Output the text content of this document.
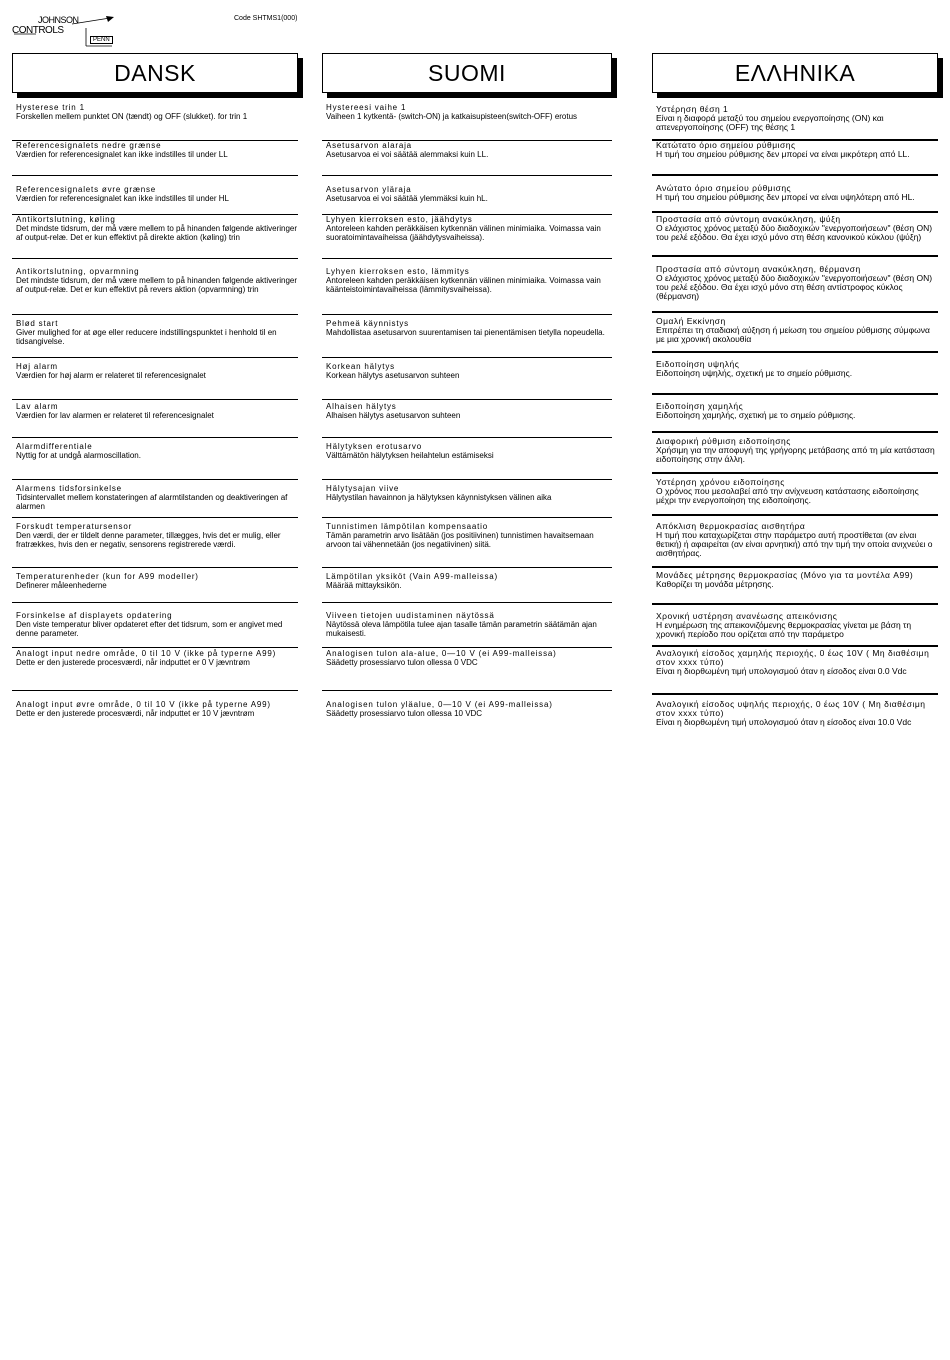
JOHNSON
CONTROLS
PENN
Code SHTMS1(000)
DANSK
Hysterese trin 1
Forskellen mellem punktet ON (tændt) og OFF (slukket). for trin 1
Referencesignalets nedre grænse
Værdien for referencesignalet kan ikke indstilles til under LL
Referencesignalets øvre grænse
Værdien for referencesignalet kan ikke indstilles til under HL
Antikortslutning, køling
Det mindste tidsrum, der må være mellem to på hinanden følgende aktiveringer af output-relæ. Det er kun effektivt på direkte aktion (køling) trin
Antikortslutning, opvarmning
Det mindste tidsrum, der må være mellem to på hinanden følgende aktiveringer af output-relæ. Det er kun effektivt på revers aktion (opvarmning) trin
Blød start
Giver mulighed for at øge eller reducere indstillingspunktet i henhold til en tidsangivelse.
Høj alarm
Værdien for høj alarm er relateret til referencesignalet
Lav alarm
Værdien for lav alarmen er relateret til referencesignalet
Alarmdifferentiale
Nyttig for at undgå alarmoscillation.
Alarmens tidsforsinkelse
Tidsintervallet mellem konstateringen af alarmtilstanden og deaktiveringen af alarmen
Forskudt temperatursensor
Den værdi, der er tildelt denne parameter, tillægges, hvis det er mulig, eller fratrækkes, hvis den er negativ, sensorens registrerede værdi.
Temperaturenheder (kun for A99 modeller)
Definerer måleenhederne
Forsinkelse af displayets opdatering
Den viste temperatur bliver opdateret efter det tidsrum, som er angivet med denne parameter.
Analogt input nedre område, 0 til 10 V (ikke på typerne A99)
Dette er den justerede procesværdi, når indputtet er 0 V jævntrøm
Analogt input øvre område, 0 til 10 V (ikke på typerne A99)
Dette er den justerede procesværdi, når indputtet er 10 V jævntrøm
SUOMI
Hystereesi vaihe 1
Vaiheen 1 kytkentä- (switch-ON) ja katkaisupisteen(switch-OFF) erotus
Asetusarvon alaraja
Asetusarvoa ei voi säätää alemmaksi kuin LL.
Asetusarvon yläraja
Asetusarvoa ei voi säätää ylemmäksi kuin hL.
Lyhyen kierroksen esto, jäähdytys
Antoreleen kahden peräkkäisen kytkennän välinen minimiaika. Voimassa vain suoratoimintavaiheissa (jäähdytysvaiheissa).
Lyhyen kierroksen esto, lämmitys
Antoreleen kahden peräkkäisen kytkennän välinen minimiaika. Voimassa vain kääntеistoimintavaiheissa (lämmitysvaiheissa).
Pehmeä käynnistys
Mahdollistaa asetusarvon suurentamisen tai pienentämisen tietylla nopeudella.
Korkean hälytys
Korkean hälytys asetusarvon suhteen
Alhaisen hälytys
Alhaisen hälytys asetusarvon suhteen
Hälytyksen erotusarvo
Välttämätön hälytyksen heilahtelun estämiseksi
Hälytysajan viive
Hälytystilan havainnon ja hälytyksen käynnistyksen välinen aika
Tunnistimen lämpötilan kompensaatio
Tämän parametrin arvo lisätään (jos positiivinen) tunnistimen havaitsemaan arvoon tai vähennetään (jos negatiivinen) siitä.
Lämpötilan yksiköt (Vain A99-malleissa)
Määrää mittayksikön.
Viiveen tietojen uudistaminen näytössä
Näytössä oleva lämpötila tulee ajan tasalle tämän parametrin säätämän ajan mukaisesti.
Analogisen tulon ala-alue, 0—10 V (ei A99-malleissa)
Säädetty prosessiarvo tulon ollessa 0 VDC
Analogisen tulon yläalue, 0—10 V (ei A99-malleissa)
Säädetty prosessiarvo tulon ollessa 10 VDC
ΕΛΛΗΝΙΚΑ
Υστέρηση θέση 1
Είναι η διαφορά μεταξύ του σημείου ενεργοποίησης (ON) και απενεργοποίησης (OFF) της θέσης 1
Κατώτατο όριο σημείου ρύθμισης
Η τιμή του σημείου ρύθμισης δεν μπορεί να είναι μικρότερη από LL.
Ανώτατο όριο σημείου ρύθμισης
Η τιμή του σημείου ρύθμισης δεν μπορεί να είναι υψηλότερη από HL.
Προστασία από σύντομη ανακύκληση, ψύξη
Ο ελάχιστος χρόνος μεταξύ δύο διαδοχικών "ενεργοποιήσεων" (θέση ON) του ρελέ εξόδου. Θα έχει ισχύ μόνο στη θέση κανονικού κύκλου (ψύξη)
Προστασία από σύντομη ανακύκληση, θέρμανση
Ο ελάχιστος χρόνος μεταξύ δύο διαδοχικών "ενεργοποιήσεων" (θέση ON) του ρελέ εξόδου. Θα έχει ισχύ μόνο στη θέση αντίστροφος κύκλος (θέρμανση)
Ομαλή Εκκίνηση
Επιτρέπει τη σταδιακή αύξηση ή μείωση του σημείου ρύθμισης σύμφωνα με μια χρονική ακολουθία
Ειδοποίηση υψηλής
Ειδοποίηση υψηλής, σχετική με το σημείο ρύθμισης.
Ειδοποίηση χαμηλής
Ειδοποίηση χαμηλής, σχετική με το σημείο ρύθμισης.
Διαφορική ρύθμιση ειδοποίησης
Χρήσιμη για την αποφυγή της γρήγορης μετάβασης από τη μία κατάσταση ειδοποίησης στην άλλη.
Υστέρηση χρόνου ειδοποίησης
Ο χρόνος που μεσολαβεί από την ανίχνευση κατάστασης ειδοποίησης μέχρι την ενεργοποίηση της ειδοποίησης.
Απόκλιση θερμοκρασίας αισθητήρα
Η τιμή που καταχωρίζεται στην παράμετρο αυτή προστίθεται (αν είναι θετική) ή αφαιρείται (αν είναι αρνητική) από την τιμή την οποία ανιχνεύει ο αισθητήρας.
Μονάδες μέτρησης θερμοκρασίας (Μόνο για τα μοντέλα A99)
Καθορίζει τη μονάδα μέτρησης.
Χρονική υστέρηση ανανέωσης απεικόνισης
Η ενημέρωση της απεικονιζόμενης θερμοκρασίας γίνεται με βάση τη χρονική περίοδο που ορίζεται από την παράμετρο
Αναλογική είσοδος χαμηλής περιοχής, 0 έως 10V ( Μη διαθέσιμη στον xxxx τύπο)
Είναι η διορθωμένη τιμή υπολογισμού όταν η είσοδος είναι 0.0 Vdc
Αναλογική είσοδος υψηλής περιοχής, 0 έως 10V ( Μη διαθέσιμη στον xxxx τύπο)
Είναι η διορθωμένη τιμή υπολογισμού όταν η είσοδος είναι 10.0 Vdc
